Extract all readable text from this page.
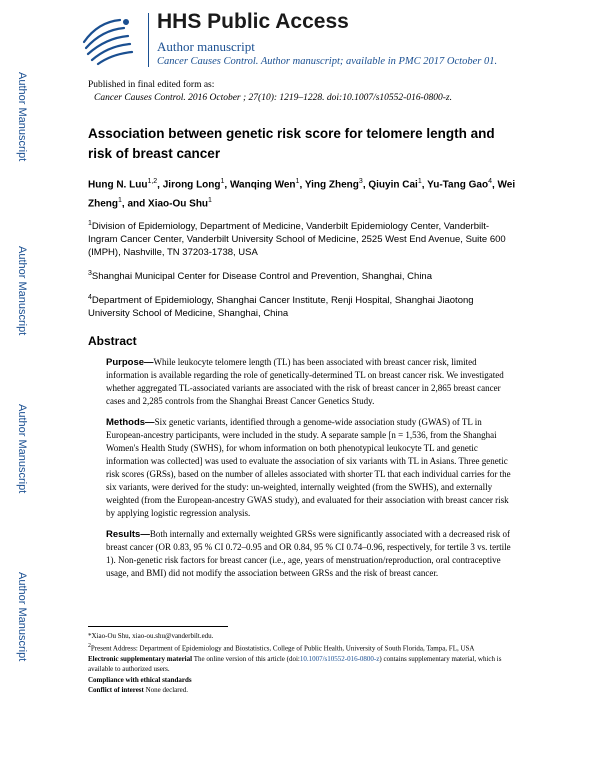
Author Manuscript
Author Manuscript
Author Manuscript
Author Manuscript
HHS Public Access
Author manuscript
Cancer Causes Control. Author manuscript; available in PMC 2017 October 01.
Published in final edited form as:
Cancer Causes Control. 2016 October ; 27(10): 1219–1228. doi:10.1007/s10552-016-0800-z.
Association between genetic risk score for telomere length and risk of breast cancer
Hung N. Luu$^{1,2}$, Jirong Long$^1$, Wanqing Wen$^1$, Ying Zheng$^3$, Qiuyin Cai$^1$, Yu-Tang Gao$^4$, Wei Zheng$^1$, and Xiao-Ou Shu$^1$
$^1$Division of Epidemiology, Department of Medicine, Vanderbilt Epidemiology Center, Vanderbilt-Ingram Cancer Center, Vanderbilt University School of Medicine, 2525 West End Avenue, Suite 600 (IMPH), Nashville, TN 37203-1738, USA
$^3$Shanghai Municipal Center for Disease Control and Prevention, Shanghai, China
$^4$Department of Epidemiology, Shanghai Cancer Institute, Renji Hospital, Shanghai Jiaotong University School of Medicine, Shanghai, China
Abstract
Purpose—While leukocyte telomere length (TL) has been associated with breast cancer risk, limited information is available regarding the role of genetically-determined TL on breast cancer risk. We investigated whether aggregated TL-associated variants are associated with the risk of breast cancer in 2,865 breast cancer cases and 2,285 controls from the Shanghai Breast Cancer Genetics Study.
Methods—Six genetic variants, identified through a genome-wide association study (GWAS) of TL in European-ancestry participants, were included in the study. A separate sample [n = 1,536, from the Shanghai Women's Health Study (SWHS), for whom information on both phenotypical leukocyte TL and genetic information was collected] was used to evaluate the association of six variants with TL in Asians. Three genetic risk scores (GRSs), based on the number of alleles associated with shorter TL that each individual carries for the six variants, were derived for the study: un-weighted, internally weighted (from the SWHS), and externally weighted (from the European-ancestry GWAS study), and evaluated for their association with breast cancer risk by applying logistic regression analysis.
Results—Both internally and externally weighted GRSs were significantly associated with a decreased risk of breast cancer (OR 0.83, 95 % CI 0.72–0.95 and OR 0.84, 95 % CI 0.74–0.96, respectively, for tertile 3 vs. tertile 1). Non-genetic risk factors for breast cancer (i.e., age, years of menstruation/reproduction, oral contraceptive usage, and BMI) did not modify the association between GRSs and the risk of breast cancer.
*Xiao-Ou Shu, xiao-ou.shu@vanderbilt.edu.
$^2$Present Address: Department of Epidemiology and Biostatistics, College of Public Health, University of South Florida, Tampa, FL, USA
Electronic supplementary material The online version of this article (doi:10.1007/s10552-016-0800-z) contains supplementary material, which is available to authorized users.
Compliance with ethical standards
Conflict of interest None declared.
